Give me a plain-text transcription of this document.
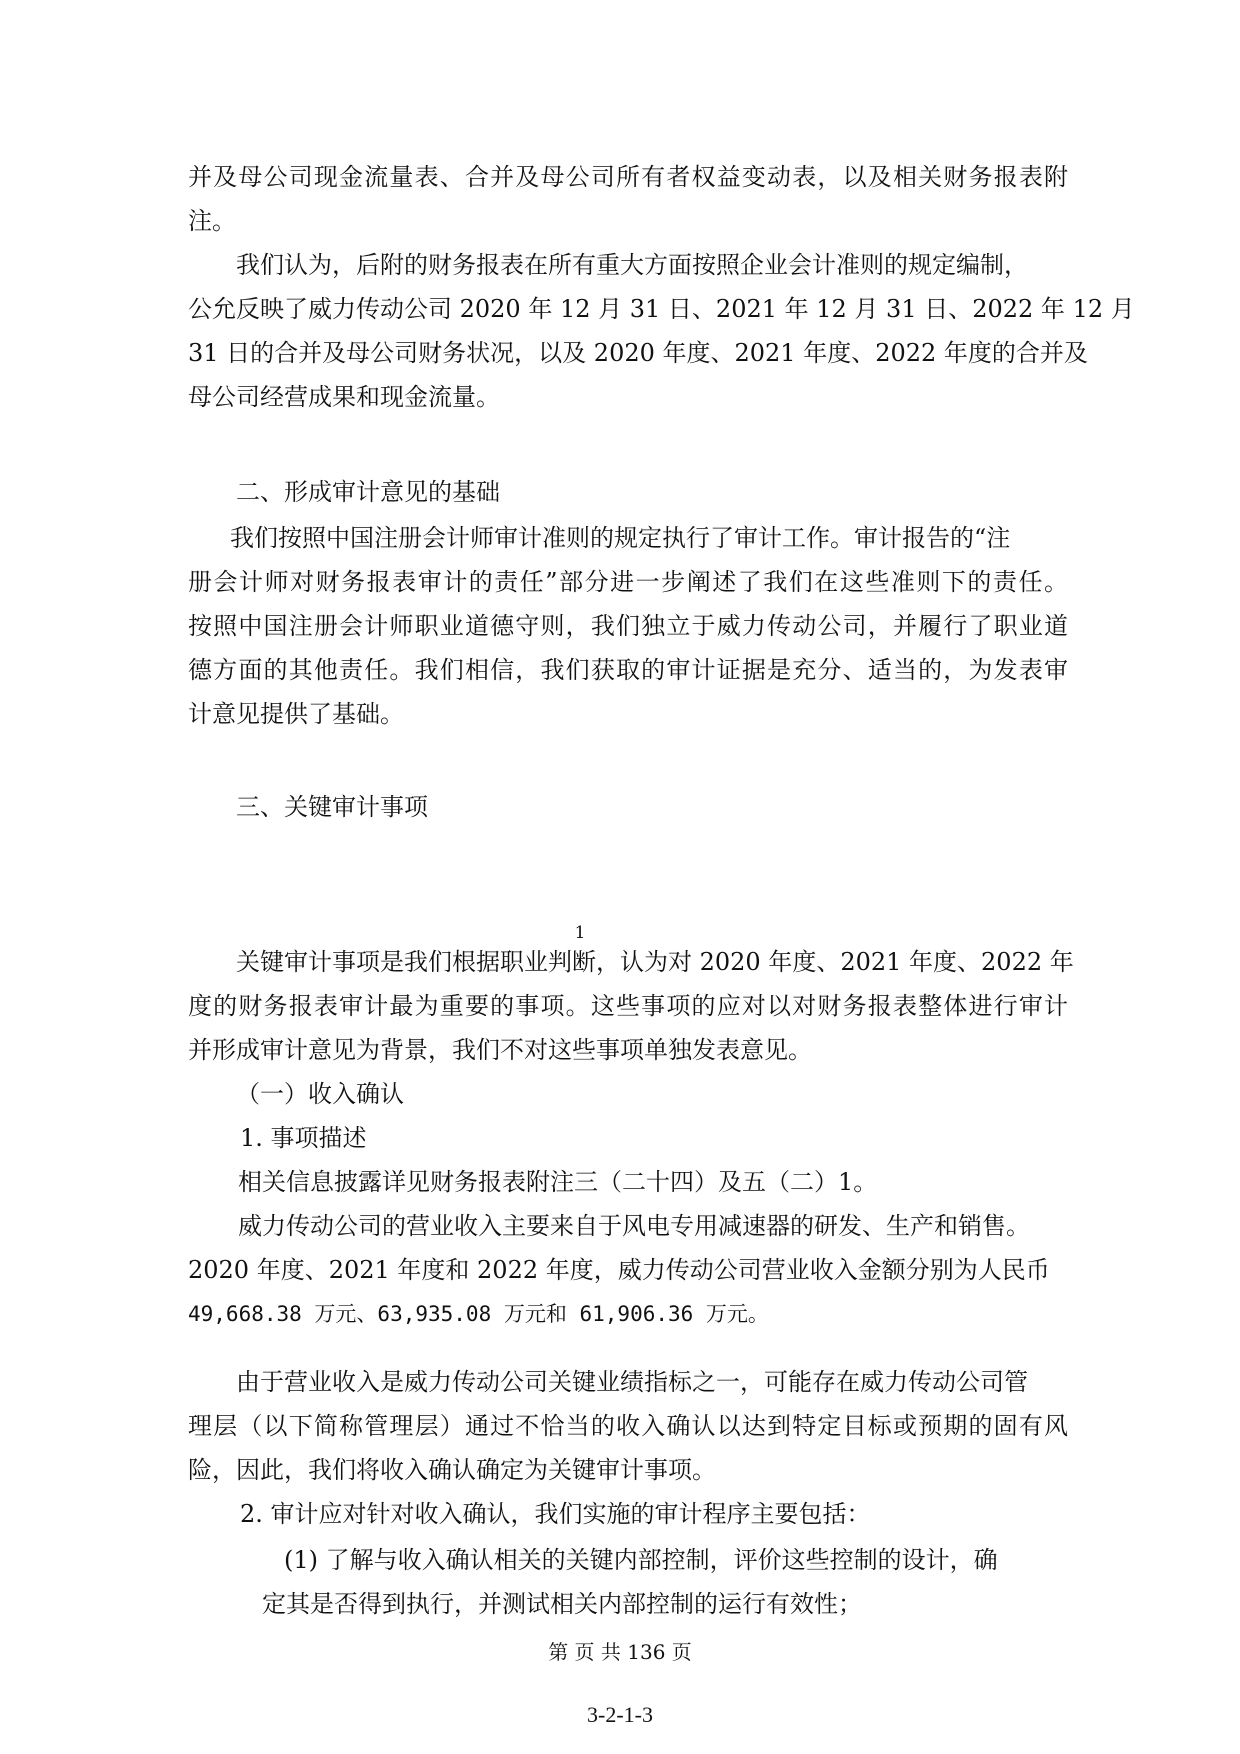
并及母公司现金流量表、合并及母公司所有者权益变动表，以及相关财务报表附
注。
我们认为，后附的财务报表在所有重大方面按照企业会计准则的规定编制，
公允反映了威力传动公司 2020 年 12 月 31 日、2021 年 12 月 31 日、2022 年 12 月
31 日的合并及母公司财务状况，以及 2020 年度、2021 年度、2022 年度的合并及
母公司经营成果和现金流量。
二、形成审计意见的基础
我们按照中国注册会计师审计准则的规定执行了审计工作。审计报告的“注
册会计师对财务报表审计的责任”部分进一步阐述了我们在这些准则下的责任。
按照中国注册会计师职业道德守则，我们独立于威力传动公司，并履行了职业道
德方面的其他责任。我们相信，我们获取的审计证据是充分、适当的，为发表审
计意见提供了基础。
三、关键审计事项
1
关键审计事项是我们根据职业判断，认为对 2020 年度、2021 年度、2022 年
度的财务报表审计最为重要的事项。这些事项的应对以对财务报表整体进行审计
并形成审计意见为背景，我们不对这些事项单独发表意见。
（一）收入确认
1. 事项描述
相关信息披露详见财务报表附注三（二十四）及五（二）1。
威力传动公司的营业收入主要来自于风电专用减速器的研发、生产和销售。
2020 年度、2021 年度和 2022 年度，威力传动公司营业收入金额分别为人民币
49,668.38 万元、63,935.08 万元和 61,906.36 万元。
由于营业收入是威力传动公司关键业绩指标之一，可能存在威力传动公司管
理层（以下简称管理层）通过不恰当的收入确认以达到特定目标或预期的固有风
险，因此，我们将收入确认确定为关键审计事项。
2. 审计应对针对收入确认，我们实施的审计程序主要包括：
(1) 了解与收入确认相关的关键内部控制，评价这些控制的设计，确
定其是否得到执行，并测试相关内部控制的运行有效性；
第 页 共 136 页
3-2-1-3
